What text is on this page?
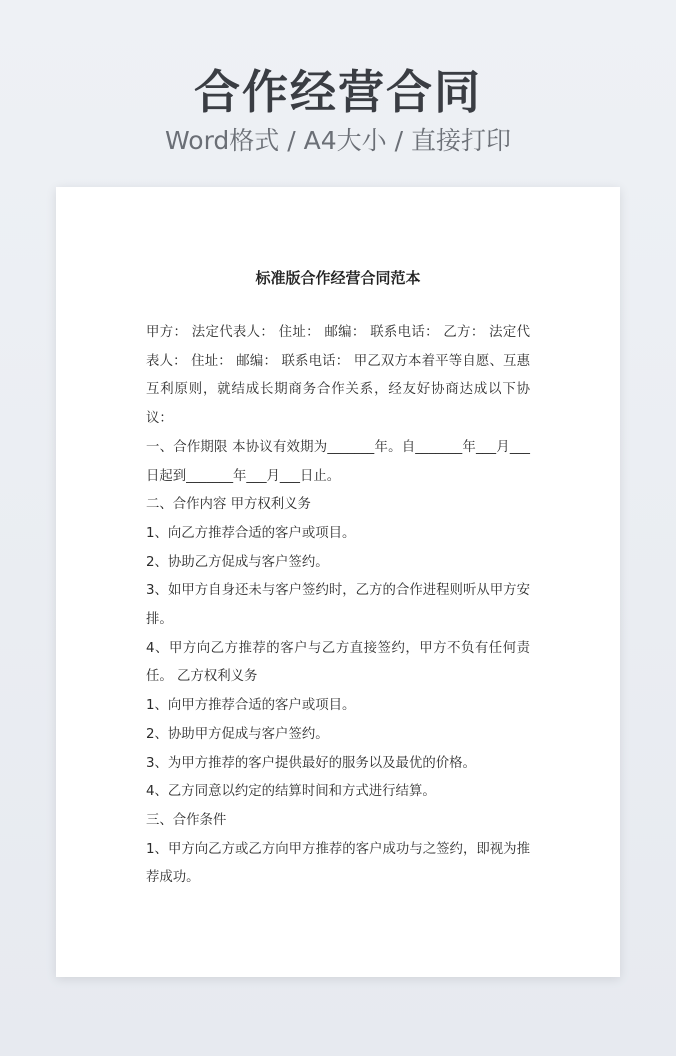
合作经营合同
Word格式 / A4大小 / 直接打印
标准版合作经营合同范本

甲方： 法定代表人： 住址： 邮编： 联系电话： 乙方： 法定代表人： 住址： 邮编： 联系电话： 甲乙双方本着平等自愿、互惠互利原则，就结成长期商务合作关系，经友好协商达成以下协议：

一、合作期限 本协议有效期为_______年。自_______年___月___日起到_______年___月___日止。

二、合作内容 甲方权利义务

1、向乙方推荐合适的客户或项目。

2、协助乙方促成与客户签约。

3、如甲方自身还未与客户签约时，乙方的合作进程则听从甲方安排。

4、甲方向乙方推荐的客户与乙方直接签约，甲方不负有任何责任。 乙方权利义务

1、向甲方推荐合适的客户或项目。

2、协助甲方促成与客户签约。

3、为甲方推荐的客户提供最好的服务以及最优的价格。

4、乙方同意以约定的结算时间和方式进行结算。

三、合作条件

1、甲方向乙方或乙方向甲方推荐的客户成功与之签约，即视为推荐成功。
